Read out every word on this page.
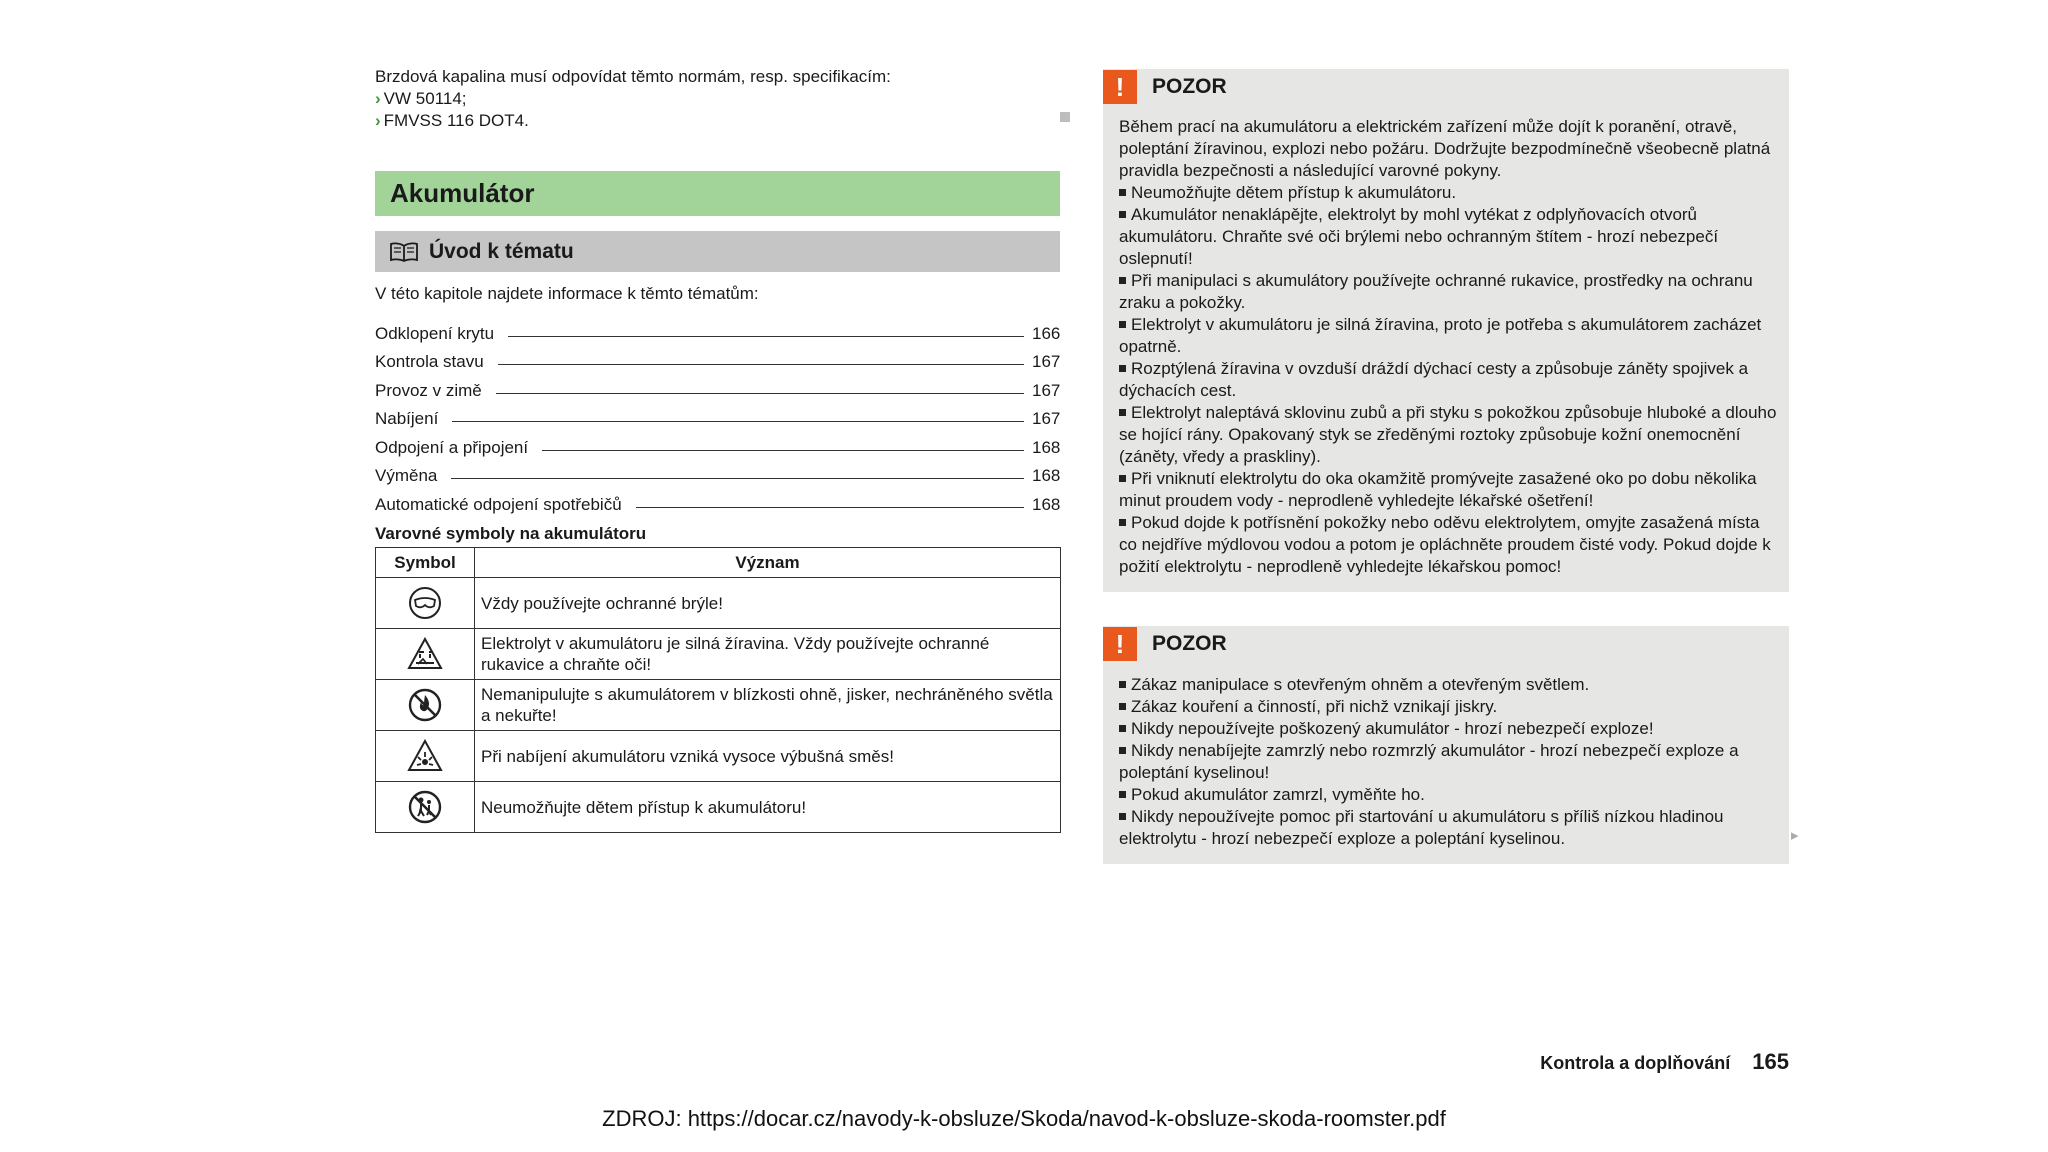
Brzdová kapalina musí odpovídat těmto normám, resp. specifikacím:

› VW 50114;

› FMVSS 116 DOT4.

Akumulátor
Úvod k tématu
V této kapitole najdete informace k těmto tématům:
Odklopení krytu	166
Kontrola stavu	167
Provoz v zimě	167
Nabíjení	167
Odpojení a připojení	168
Výměna	168
Automatické odpojení spotřebičů	168
Varovné symboly na akumulátoru
Symbol	Význam
	Vždy používejte ochranné brýle!
	Elektrolyt v akumulátoru je silná žíravina. Vždy používejte ochranné rukavice a chraňte oči!
	Nemanipulujte s akumulátorem v blízkosti ohně, jisker, nechráněného světla a nekuřte!
	Při nabíjení akumulátoru vzniká vysoce výbušná směs!
	Neumožňujte dětem přístup k akumulátoru!
!	POZOR

Během prací na akumulátoru a elektrickém zařízení může dojít k poranění, otravě, poleptání žíravinou, explozi nebo požáru. Dodržujte bezpodmínečně všeobecně platná pravidla bezpečnosti a následující varovné pokyny.

Neumožňujte dětem přístup k akumulátoru.

Akumulátor nenaklápějte, elektrolyt by mohl vytékat z odplyňovacích otvorů akumulátoru. Chraňte své oči brýlemi nebo ochranným štítem - hrozí nebezpečí oslepnutí!

Při manipulaci s akumulátory používejte ochranné rukavice, prostředky na ochranu zraku a pokožky.

Elektrolyt v akumulátoru je silná žíravina, proto je potřeba s akumulátorem zacházet opatrně.

Rozptýlená žíravina v ovzduší dráždí dýchací cesty a způsobuje záněty spojivek a dýchacích cest.

Elektrolyt naleptává sklovinu zubů a při styku s pokožkou způsobuje hluboké a dlouho se hojící rány. Opakovaný styk se zředěnými roztoky způsobuje kožní onemocnění (záněty, vředy a praskliny).

Při vniknutí elektrolytu do oka okamžitě promývejte zasažené oko po dobu několika minut proudem vody - neprodleně vyhledejte lékařské ošetření!

Pokud dojde k potřísnění pokožky nebo oděvu elektrolytem, omyjte zasažená místa co nejdříve mýdlovou vodou a potom je opláchněte proudem čisté vody. Pokud dojde k požití elektrolytu - neprodleně vyhledejte lékařskou pomoc!

!	POZOR

Zákaz manipulace s otevřeným ohněm a otevřeným světlem.

Zákaz kouření a činností, při nichž vznikají jiskry.

Nikdy nepoužívejte poškozený akumulátor - hrozí nebezpečí exploze!

Nikdy nenabíjejte zamrzlý nebo rozmrzlý akumulátor - hrozí nebezpečí exploze a poleptání kyselinou!

Pokud akumulátor zamrzl, vyměňte ho.

Nikdy nepoužívejte pomoc při startování u akumulátoru s příliš nízkou hladinou elektrolytu - hrozí nebezpečí exploze a poleptání kyselinou.	▸
Kontrola a doplňování 165
ZDROJ: https://docar.cz/navody-k-obsluze/Skoda/navod-k-obsluze-skoda-roomster.pdf
